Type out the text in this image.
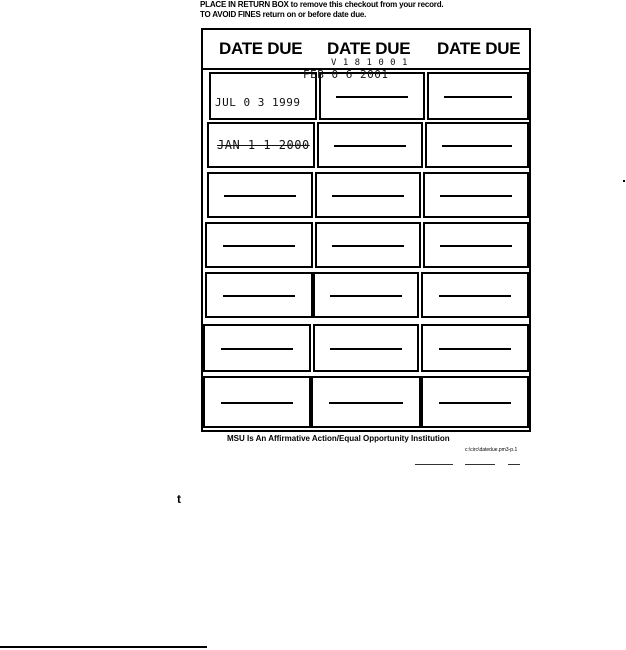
PLACE IN RETURN BOX to remove this checkout from your record.
TO AVOID FINES return on or before date due.
DATE DUE DATE DUE DATE DUE
JUL 0 3 1999
V 1 8 1 0 0 1
FEB 0 6 2001
JAN 1 1 2000
MSU Is An Affirmative Action/Equal Opportunity Institution
c:\circ\datedue.pm3-p.1
t
